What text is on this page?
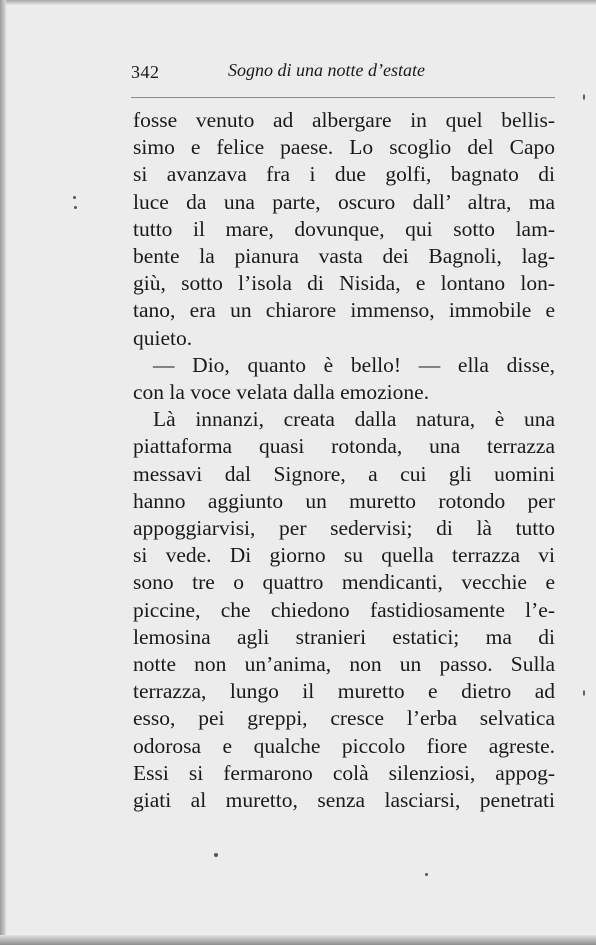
342	Sogno di una notte d’estate
fosse venuto ad albergare in quel bellis-
simo e felice paese. Lo scoglio del Capo
si avanzava fra i due golfi, bagnato di
luce da una parte, oscuro dall’ altra, ma
tutto il mare, dovunque, qui sotto lam-
bente la pianura vasta dei Bagnoli, lag-
giù, sotto l’isola di Nisida, e lontano lon-
tano, era un chiarore immenso, immobile e
quieto.
— Dio, quanto è bello! — ella disse,
con la voce velata dalla emozione.
Là innanzi, creata dalla natura, è una
piattaforma quasi rotonda, una terrazza
messavi dal Signore, a cui gli uomini
hanno aggiunto un muretto rotondo per
appoggiarvisi, per sedervisi; di là tutto
si vede. Di giorno su quella terrazza vi
sono tre o quattro mendicanti, vecchie e
piccine, che chiedono fastidiosamente l’e-
lemosina agli stranieri estatici; ma di
notte non un’anima, non un passo. Sulla
terrazza, lungo il muretto e dietro ad
esso, pei greppi, cresce l’erba selvatica
odorosa e qualche piccolo fiore agreste.
Essi si fermarono colà silenziosi, appog-
giati al muretto, senza lasciarsi, penetrati
